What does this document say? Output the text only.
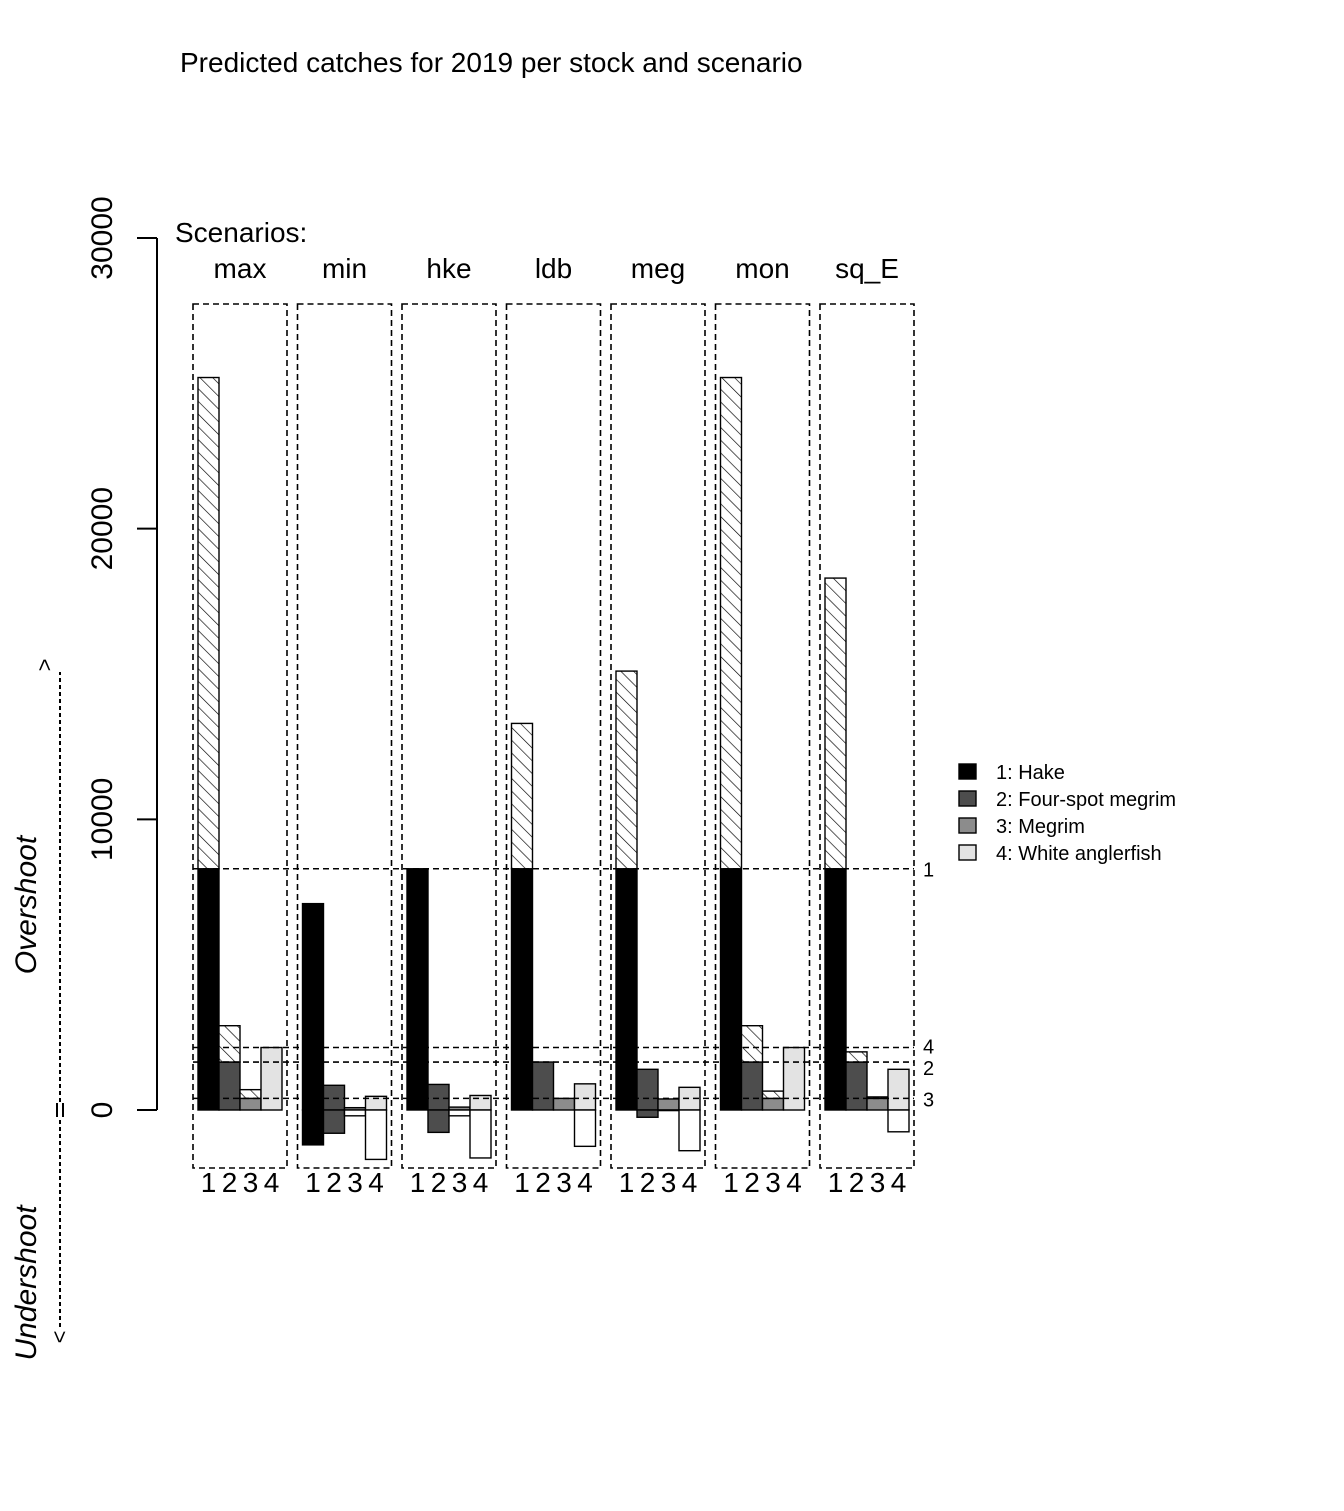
Predicted catches for 2019 per stock and scenario
Scenarios:
0
10000
20000
30000	max
1 2 3 4
min
1 2 3 4
hke
1 2 3 4
ldb
1 2 3 4
meg
1 2 3 4
mon
1 2 3 4
sq_E
1 2 3 4
1
2
3
4
>
<
Overshoot
Undershoot
1: Hake
2: Four-spot megrim
3: Megrim
4: White anglerfish
